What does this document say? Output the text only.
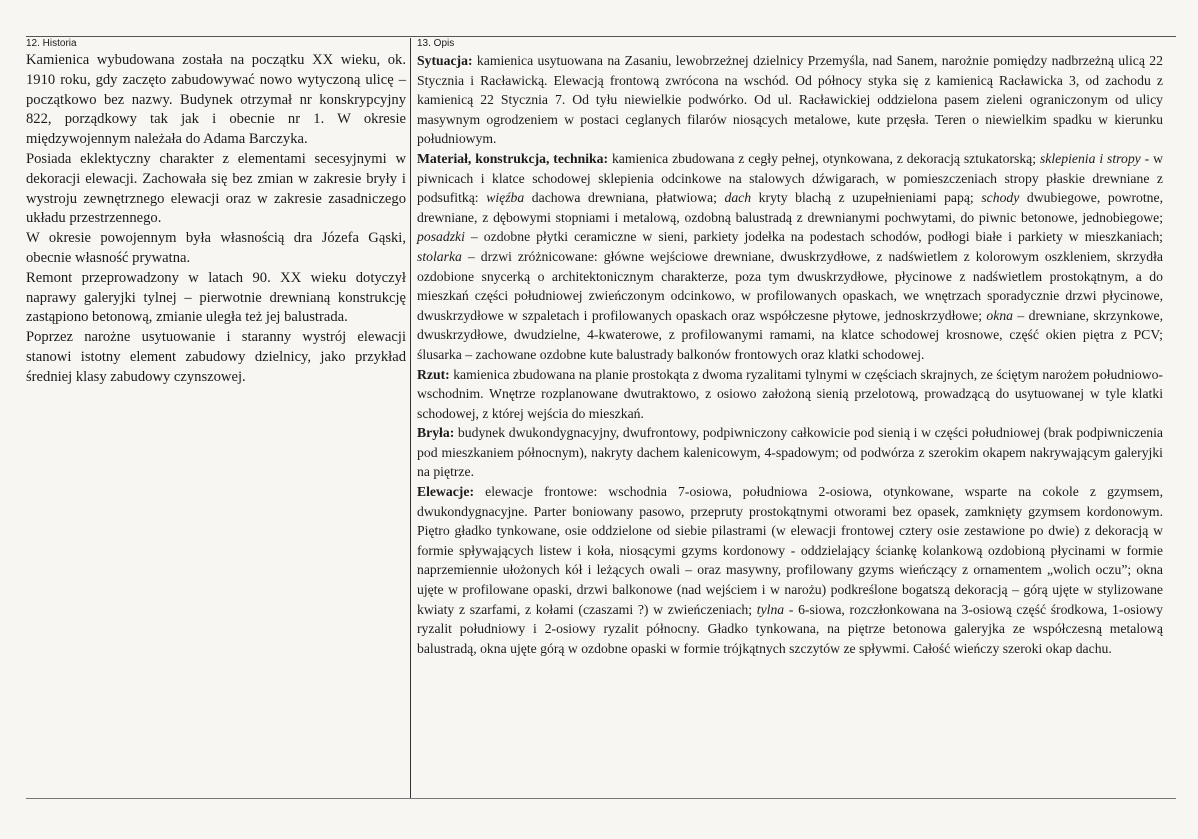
12. Historia

Kamienica wybudowana została na początku XX wieku, ok. 1910 roku, gdy zaczęto zabudowywać nowo wytyczoną ulicę – początkowo bez nazwy. Budynek otrzymał nr konskrypcyjny 822, porządkowy tak jak i obecnie nr 1. W okresie międzywojennym należała do Adama Barczyka.

Posiada eklektyczny charakter z elementami secesyjnymi w dekoracji elewacji. Zachowała się bez zmian w zakresie bryły i wystroju zewnętrznego elewacji oraz w zakresie zasadniczego układu przestrzennego.

W okresie powojennym była własnością dra Józefa Gąski, obecnie własność prywatna.

Remont przeprowadzony w latach 90. XX wieku dotyczył naprawy galeryjki tylnej – pierwotnie drewnianą konstrukcję zastąpiono betonową, zmianie uległa też jej balustrada.

Poprzez narożne usytuowanie i staranny wystrój elewacji stanowi istotny element zabudowy dzielnicy, jako przykład średniej klasy zabudowy czynszowej.

13. Opis

Sytuacja: kamienica usytuowana na Zasaniu, lewobrzeżnej dzielnicy Przemyśla, nad Sanem, narożnie pomiędzy nadbrzeżną ulicą 22 Stycznia i Racławicką. Elewacją frontową zwrócona na wschód. Od północy styka się z kamienicą Racławicka 3, od zachodu z kamienicą 22 Stycznia 7. Od tyłu niewielkie podwórko. Od ul. Racławickiej oddzielona pasem zieleni ograniczonym od ulicy masywnym ogrodzeniem w postaci ceglanych filarów niosących metalowe, kute przęsła. Teren o niewielkim spadku w kierunku południowym.

Materiał, konstrukcja, technika: kamienica zbudowana z cegły pełnej, otynkowana, z dekoracją sztukatorską; sklepienia i stropy - w piwnicach i klatce schodowej sklepienia odcinkowe na stalowych dźwigarach, w pomieszczeniach stropy płaskie drewniane z podsufitką: więźba dachowa drewniana, płatwiowa; dach kryty blachą z uzupełnieniami papą; schody dwubiegowe, powrotne, drewniane, z dębowymi stopniami i metalową, ozdobną balustradą z drewnianymi pochwytami, do piwnic betonowe, jednobiegowe; posadzki – ozdobne płytki ceramiczne w sieni, parkiety jodełka na podestach schodów, podłogi białe i parkiety w mieszkaniach; stolarka – drzwi zróżnicowane: główne wejściowe drewniane, dwuskrzydłowe, z nadświetlem z kolorowym oszkleniem, skrzydła ozdobione snycerką o architektonicznym charakterze, poza tym dwuskrzydłowe, płycinowe z nadświetlem prostokątnym, a do mieszkań części południowej zwieńczonym odcinkowo, w profilowanych opaskach, we wnętrzach sporadycznie drzwi płycinowe, dwuskrzydłowe w szpaletach i profilowanych opaskach oraz współczesne płytowe, jednoskrzydłowe; okna – drewniane, skrzynkowe, dwuskrzydłowe, dwudzielne, 4-kwaterowe, z profilowanymi ramami, na klatce schodowej krosnowe, część okien piętra z PCV; ślusarka – zachowane ozdobne kute balustrady balkonów frontowych oraz klatki schodowej.

Rzut: kamienica zbudowana na planie prostokąta z dwoma ryzalitami tylnymi w częściach skrajnych, ze ściętym narożem południowo-wschodnim. Wnętrze rozplanowane dwutraktowo, z osiowo założoną sienią przelotową, prowadzącą do usytuowanej w tyle klatki schodowej, z której wejścia do mieszkań.

Bryła: budynek dwukondygnacyjny, dwufrontowy, podpiwniczony całkowicie pod sienią i w części południowej (brak podpiwniczenia pod mieszkaniem północnym), nakryty dachem kalenicowym, 4-spadowym; od podwórza z szerokim okapem nakrywającym galeryjki na piętrze.

Elewacje: elewacje frontowe: wschodnia 7-osiowa, południowa 2-osiowa, otynkowane, wsparte na cokole z gzymsem, dwukondygnacyjne. Parter boniowany pasowo, przepruty prostokątnymi otworami bez opasek, zamknięty gzymsem kordonowym. Piętro gładko tynkowane, osie oddzielone od siebie pilastrami (w elewacji frontowej cztery osie zestawione po dwie) z dekoracją w formie spływających listew i koła, niosącymi gzyms kordonowy - oddzielający ściankę kolankową ozdobioną płycinami w formie naprzemiennie ułożonych kół i leżących owali – oraz masywny, profilowany gzyms wieńczący z ornamentem „wolich oczu”; okna ujęte w profilowane opaski, drzwi balkonowe (nad wejściem i w narożu) podkreślone bogatszą dekoracją – górą ujęte w stylizowane kwiaty z szarfami, z kołami (czaszami ?) w zwieńczeniach; tylna - 6-siowa, rozczłonkowana na 3-osiową część środkowa, 1-osiowy ryzalit południowy i 2-osiowy ryzalit północny. Gładko tynkowana, na piętrze betonowa galeryjka ze współczesną metalową balustradą, okna ujęte górą w ozdobne opaski w formie trójkątnych szczytów ze spływmi. Całość wieńczy szeroki okap dachu.
